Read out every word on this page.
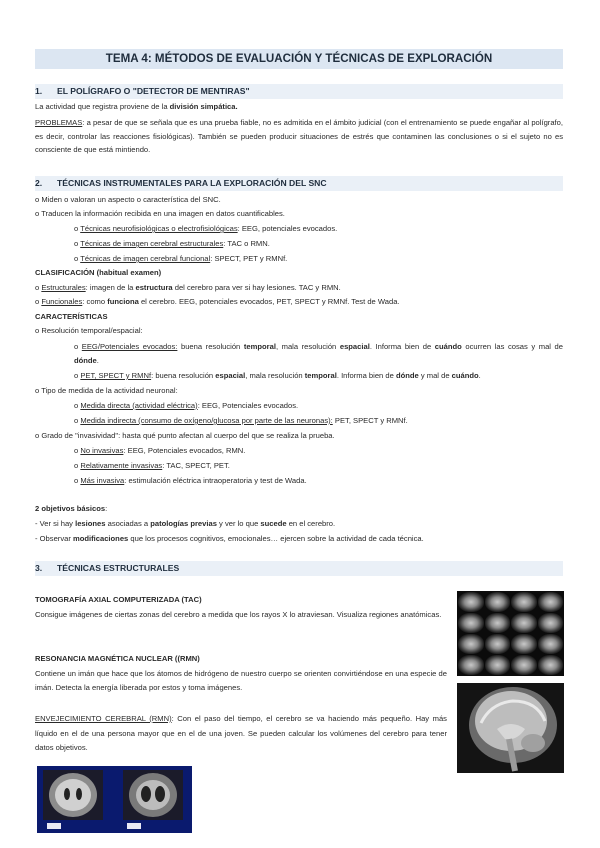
TEMA 4: MÉTODOS DE EVALUACIÓN Y TÉCNICAS DE EXPLORACIÓN
1. EL POLÍGRAFO O "DETECTOR DE MENTIRAS"
La actividad que registra proviene de la división simpática.
PROBLEMAS: a pesar de que se señala que es una prueba fiable, no es admitida en el ámbito judicial (con el entrenamiento se puede engañar al polígrafo, es decir, controlar las reacciones fisiológicas). También se pueden producir situaciones de estrés que contaminen las conclusiones o si el sujeto no es consciente de que está mintiendo.
2. TÉCNICAS INSTRUMENTALES PARA LA EXPLORACIÓN DEL SNC
o Miden o valoran un aspecto o característica del SNC.
o Traducen la información recibida en una imagen en datos cuantificables.
o Técnicas neurofisiológicas o electrofisiológicas: EEG, potenciales evocados.
o Técnicas de imagen cerebral estructurales: TAC o RMN.
o Técnicas de imagen cerebral funcional: SPECT, PET y RMNf.
CLASIFICACIÓN (habitual examen)
o Estructurales: imagen de la estructura del cerebro para ver si hay lesiones. TAC y RMN.
o Funcionales: como funciona el cerebro. EEG, potenciales evocados, PET, SPECT y RMNf. Test de Wada.
CARACTERÍSTICAS
o Resolución temporal/espacial:
o EEG/Potenciales evocados: buena resolución temporal, mala resolución espacial. Informa bien de cuándo ocurren las cosas y mal de dónde.
o PET, SPECT y RMNf: buena resolución espacial, mala resolución temporal. Informa bien de dónde y mal de cuándo.
o Tipo de medida de la actividad neuronal:
o Medida directa (actividad eléctrica): EEG, Potenciales evocados.
o Medida indirecta (consumo de oxígeno/glucosa por parte de las neuronas): PET, SPECT y RMNf.
o Grado de "invasividad": hasta qué punto afectan al cuerpo del que se realiza la prueba.
o No invasivas: EEG, Potenciales evocados, RMN.
o Relativamente invasivas: TAC, SPECT, PET.
o Más invasiva: estimulación eléctrica intraoperatoria y test de Wada.
2 objetivos básicos:
- Ver si hay lesiones asociadas a patologías previas y ver lo que sucede en el cerebro.
- Observar modificaciones que los procesos cognitivos, emocionales… ejercen sobre la actividad de cada técnica.
3. TÉCNICAS ESTRUCTURALES
TOMOGRAFÍA AXIAL COMPUTERIZADA (TAC)
Consigue imágenes de ciertas zonas del cerebro a medida que los rayos X lo atraviesan. Visualiza regiones anatómicas.
RESONANCIA MAGNÉTICA NUCLEAR ((RMN)
Contiene un imán que hace que los átomos de hidrógeno de nuestro cuerpo se orienten convirtiéndose en una especie de imán. Detecta la energía liberada por estos y toma imágenes.
ENVEJECIMIENTO CEREBRAL (RMN): Con el paso del tiempo, el cerebro se va haciendo más pequeño. Hay más líquido en el de una persona mayor que en el de una joven. Se pueden calcular los volúmenes del cerebro para tener datos objetivos.
